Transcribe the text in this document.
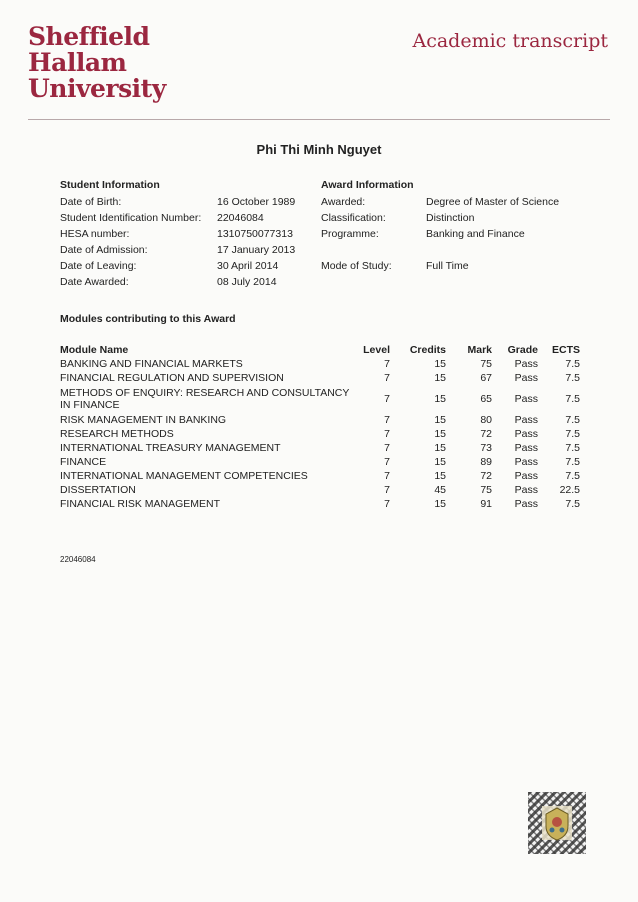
Sheffield
Hallam
University
Academic transcript
Phi Thi Minh Nguyet
Student Information
Date of Birth:	16 October 1989
Student Identification Number: 22046084
HESA number:	1310750077313
Date of Admission:	17 January 2013
Date of Leaving:	30 April 2014
Date Awarded:	08 July 2014
Award Information
Awarded:	Degree of Master of Science
Classification:	Distinction
Programme:	Banking and Finance
Mode of Study:	Full Time
Modules contributing to this Award
Module Name	Level	Credits	Mark	Grade	ECTS
BANKING AND FINANCIAL MARKETS	7	15	75	Pass	7.5
FINANCIAL REGULATION AND SUPERVISION	7	15	67	Pass	7.5
METHODS OF ENQUIRY: RESEARCH AND CONSULTANCY IN FINANCE	7	15	65	Pass	7.5
RISK MANAGEMENT IN BANKING	7	15	80	Pass	7.5
RESEARCH METHODS	7	15	72	Pass	7.5
INTERNATIONAL TREASURY MANAGEMENT	7	15	73	Pass	7.5
FINANCE	7	15	89	Pass	7.5
INTERNATIONAL MANAGEMENT COMPETENCIES	7	15	72	Pass	7.5
DISSERTATION	7	45	75	Pass	22.5
FINANCIAL RISK MANAGEMENT	7	15	91	Pass	7.5
22046084
